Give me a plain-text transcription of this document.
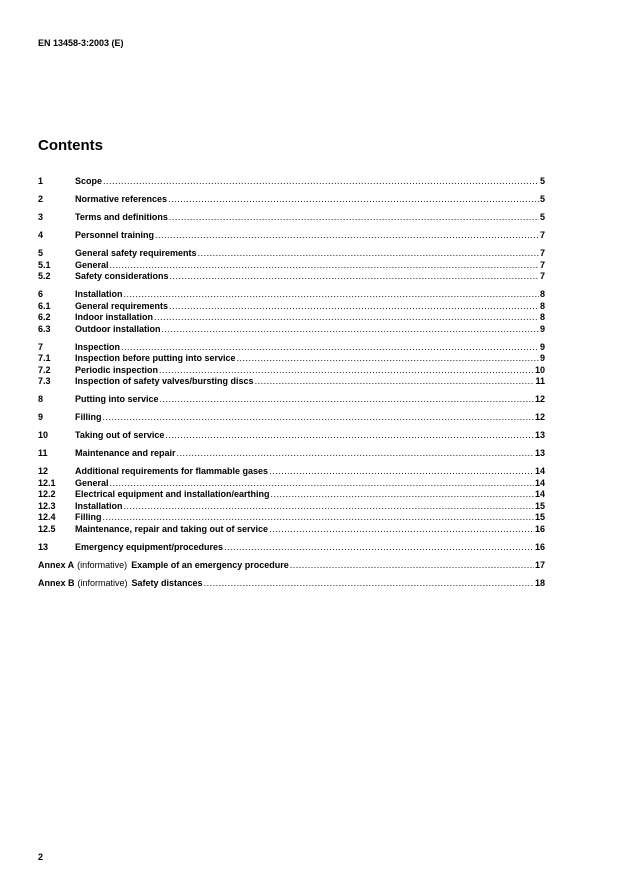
EN 13458-3:2003 (E)
Contents
1	Scope .....	5
2	Normative references .....	5
3	Terms and definitions .....	5
4	Personnel training .....	7
5	General safety requirements .....	7
5.1	General .....	7
5.2	Safety considerations .....	7
6	Installation .....	8
6.1	General requirements .....	8
6.2	Indoor installation .....	8
6.3	Outdoor installation .....	9
7	Inspection .....	9
7.1	Inspection before putting into service .....	9
7.2	Periodic inspection .....	10
7.3	Inspection of safety valves/bursting discs .....	11
8	Putting into service .....	12
9	Filling .....	12
10	Taking out of service .....	13
11	Maintenance and repair .....	13
12	Additional requirements for flammable gases .....	14
12.1	General .....	14
12.2	Electrical equipment and installation/earthing .....	14
12.3	Installation .....	15
12.4	Filling .....	15
12.5	Maintenance, repair and taking out of service .....	16
13	Emergency equipment/procedures .....	16
Annex A (informative) Example of an emergency procedure .....	17
Annex B (informative) Safety distances .....	18
2
